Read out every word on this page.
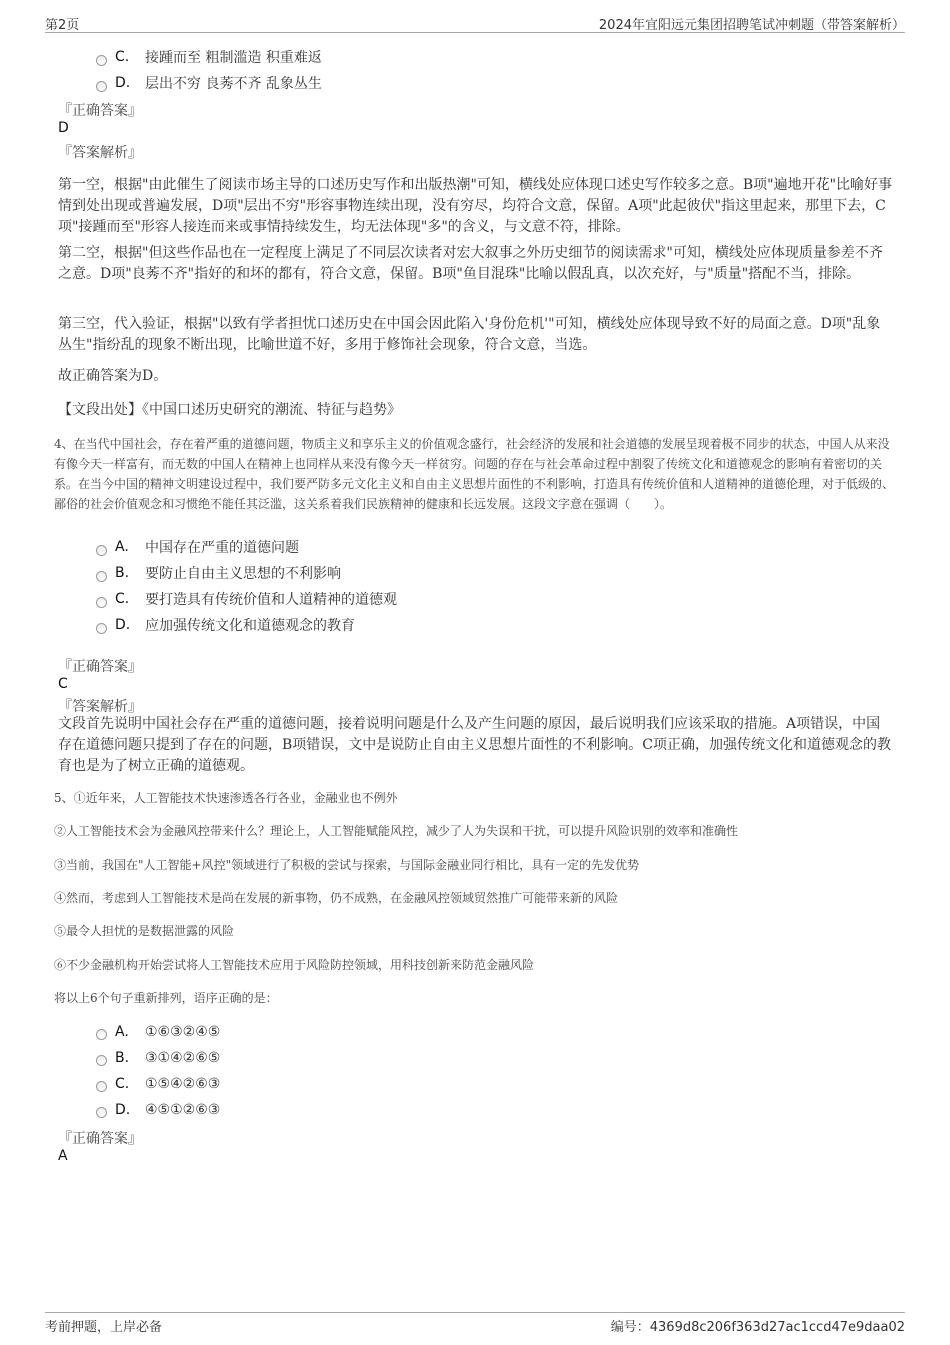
第2页	2024年宜阳远元集团招聘笔试冲刺题（带答案解析）
C.	接踵而至 粗制滥造 积重难返
D.	层出不穷 良莠不齐 乱象丛生
『正确答案』
D
『答案解析』
第一空，根据"由此催生了阅读市场主导的口述历史写作和出版热潮"可知，横线处应体现口述史写作较多之意。B项"遍地开花"比喻好事情到处出现或普遍发展，D项"层出不穷"形容事物连续出现，没有穷尽，均符合文意，保留。A项"此起彼伏"指这里起来，那里下去，C项"接踵而至"形容人接连而来或事情持续发生，均无法体现"多"的含义，与文意不符，排除。
第二空，根据"但这些作品也在一定程度上满足了不同层次读者对宏大叙事之外历史细节的阅读需求"可知，横线处应体现质量参差不齐之意。D项"良莠不齐"指好的和坏的都有，符合文意，保留。B项"鱼目混珠"比喻以假乱真，以次充好，与"质量"搭配不当，排除。
第三空，代入验证，根据"以致有学者担忧口述历史在中国会因此陷入'身份危机'"可知，横线处应体现导致不好的局面之意。D项"乱象丛生"指纷乱的现象不断出现，比喻世道不好，多用于修饰社会现象，符合文意，当选。
故正确答案为D。
【文段出处】《中国口述历史研究的潮流、特征与趋势》
4、在当代中国社会，存在着严重的道德问题，物质主义和享乐主义的价值观念盛行，社会经济的发展和社会道德的发展呈现着极不同步的状态，中国人从来没有像今天一样富有，而无数的中国人在精神上也同样从来没有像今天一样贫穷。问题的存在与社会革命过程中割裂了传统文化和道德观念的影响有着密切的关系。在当今中国的精神文明建设过程中，我们要严防多元文化主义和自由主义思想片面性的不利影响，打造具有传统价值和人道精神的道德伦理，对于低级的、鄙俗的社会价值观念和习惯绝不能任其泛滥，这关系着我们民族精神的健康和长远发展。这段文字意在强调（　　）。
A.	中国存在严重的道德问题
B.	要防止自由主义思想的不利影响
C.	要打造具有传统价值和人道精神的道德观
D.	应加强传统文化和道德观念的教育
『正确答案』
C
『答案解析』
文段首先说明中国社会存在严重的道德问题，接着说明问题是什么及产生问题的原因，最后说明我们应该采取的措施。A项错误，中国存在道德问题只提到了存在的问题，B项错误，文中是说防止自由主义思想片面性的不利影响。C项正确，加强传统文化和道德观念的教育也是为了树立正确的道德观。
5、①近年来，人工智能技术快速渗透各行各业，金融业也不例外
②人工智能技术会为金融风控带来什么？理论上，人工智能赋能风控，减少了人为失误和干扰，可以提升风险识别的效率和准确性
③当前，我国在"人工智能+风控"领域进行了积极的尝试与探索，与国际金融业同行相比，具有一定的先发优势
④然而，考虑到人工智能技术是尚在发展的新事物，仍不成熟，在金融风控领域贸然推广可能带来新的风险
⑤最令人担忧的是数据泄露的风险
⑥不少金融机构开始尝试将人工智能技术应用于风险防控领域，用科技创新来防范金融风险
将以上6个句子重新排列，语序正确的是：
A.	①⑥③②④⑤
B.	③①④②⑥⑤
C.	①⑤④②⑥③
D.	④⑤①②⑥③
『正确答案』
A
考前押题，上岸必备	编号：4369d8c206f363d27ac1ccd47e9daa02
